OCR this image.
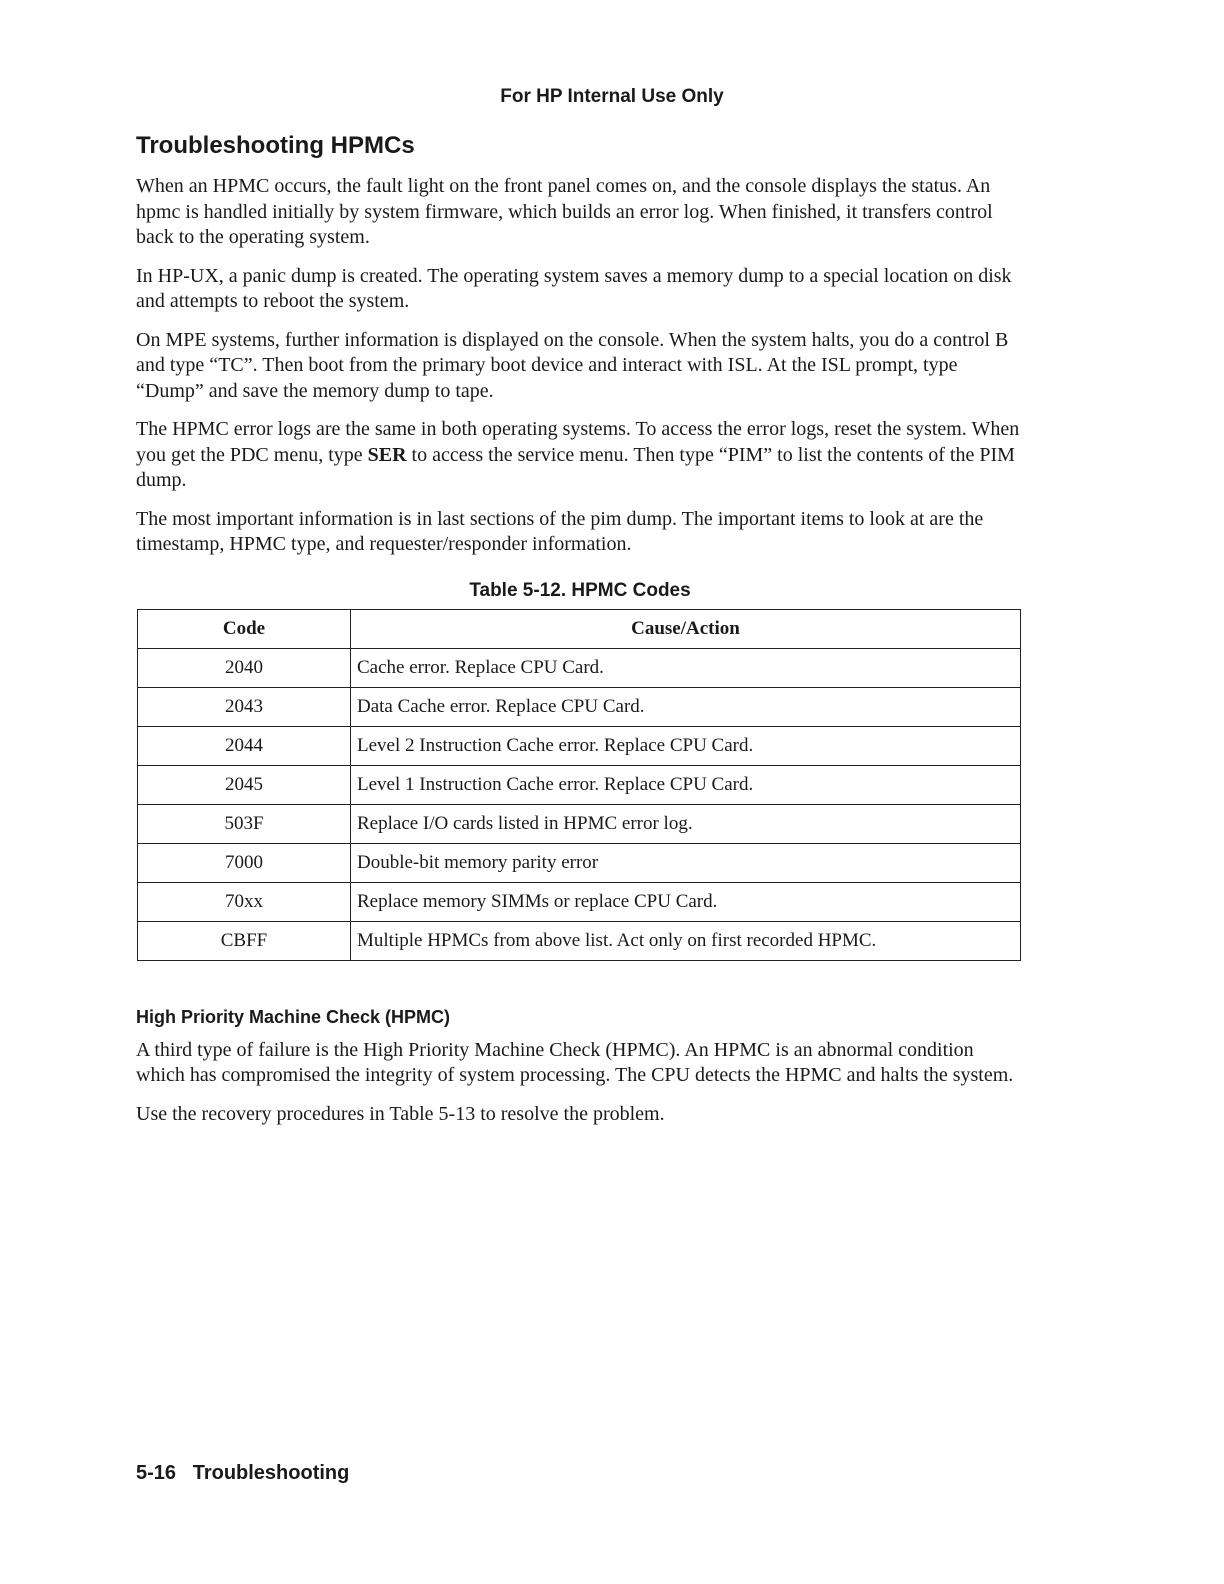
For HP Internal Use Only
Troubleshooting HPMCs

When an HPMC occurs, the fault light on the front panel comes on, and the console displays the status. An hpmc is handled initially by system firmware, which builds an error log. When finished, it transfers control back to the operating system.

In HP-UX, a panic dump is created. The operating system saves a memory dump to a special location on disk and attempts to reboot the system.

On MPE systems, further information is displayed on the console. When the system halts, you do a control B and type “TC”. Then boot from the primary boot device and interact with ISL. At the ISL prompt, type “Dump” and save the memory dump to tape.

The HPMC error logs are the same in both operating systems. To access the error logs, reset the system. When you get the PDC menu, type SER to access the service menu. Then type “PIM” to list the contents of the PIM dump.

The most important information is in last sections of the pim dump. The important items to look at are the timestamp, HPMC type, and requester/responder information.

Table 5-12. HPMC Codes
Code	Cause/Action
2040	Cache error. Replace CPU Card.
2043	Data Cache error. Replace CPU Card.
2044	Level 2 Instruction Cache error. Replace CPU Card.
2045	Level 1 Instruction Cache error. Replace CPU Card.
503F	Replace I/O cards listed in HPMC error log.
7000	Double-bit memory parity error
70xx	Replace memory SIMMs or replace CPU Card.
CBFF	Multiple HPMCs from above list. Act only on first recorded HPMC.
High Priority Machine Check (HPMC)

A third type of failure is the High Priority Machine Check (HPMC). An HPMC is an abnormal condition which has compromised the integrity of system processing. The CPU detects the HPMC and halts the system.

Use the recovery procedures in Table 5-13 to resolve the problem.

5-16   Troubleshooting
